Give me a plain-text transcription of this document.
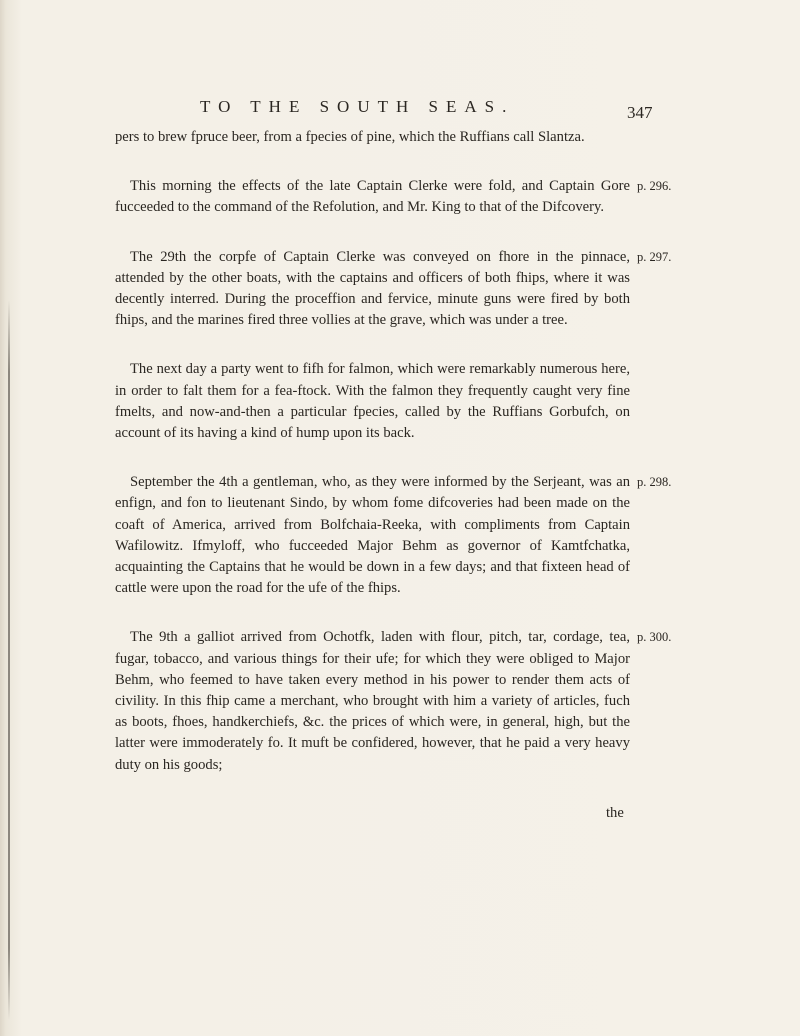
TO THE SOUTH SEAS.	347

pers to brew fpruce beer, from a fpecies of pine, which the Ruffians call Slantza.

p. 296.
This morning the effects of the late Captain Clerke were fold, and Captain Gore fucceeded to the command of the Refolution, and Mr. King to that of the Difcovery.

p. 297.
The 29th the corpfe of Captain Clerke was conveyed on fhore in the pinnace, attended by the other boats, with the captains and officers of both fhips, where it was decently interred. During the proceffion and fervice, minute guns were fired by both fhips, and the marines fired three vollies at the grave, which was under a tree.

The next day a party went to fifh for falmon, which were remarkably numerous here, in order to falt them for a fea-ftock. With the falmon they frequently caught very fine fmelts, and now-and-then a particular fpecies, called by the Ruffians Gorbufch, on account of its having a kind of hump upon its back.

p. 298.
September the 4th a gentleman, who, as they were informed by the Serjeant, was an enfign, and fon to lieutenant Sindo, by whom fome difcoveries had been made on the coaft of America, arrived from Bolfchaia-Reeka, with compliments from Captain Wafilowitz. Ifmyloff, who fucceeded Major Behm as governor of Kamtfchatka, acquainting the Captains that he would be down in a few days; and that fixteen head of cattle were upon the road for the ufe of the fhips.

p. 300.
The 9th a galliot arrived from Ochotfk, laden with flour, pitch, tar, cordage, tea, fugar, tobacco, and various things for their ufe; for which they were obliged to Major Behm, who feemed to have taken every method in his power to render them acts of civility. In this fhip came a merchant, who brought with him a variety of articles, fuch as boots, fhoes, handkerchiefs, &c. the prices of which were, in general, high, but the latter were immoderately fo. It muft be confidered, however, that he paid a very heavy duty on his goods;

the
